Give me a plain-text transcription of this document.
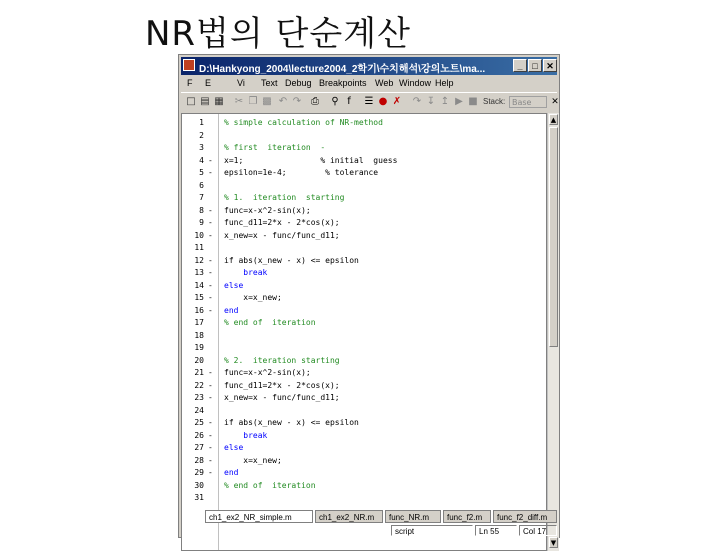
NR법의 단순계산
D:\Hankyong_2004\lecture2004_2학기\수치해석\강의노트\ma...	_	□ ✕
F E	Vi Text Debug Breakpoints Web Window Help
□ ▤ ▦ ✂ ❐ ▩ ↶ ↷ ⎙ ⚲ f	☰ ● ✗ ↷ ↧ ↥ ▶ ■ Stack: Base	✕
1	% simple calculation of NR-method
2
3	% first  iteration  -
4 - x=1;                % initial  guess
5 - epsilon=1e-4;        % tolerance
6
7	% 1.  iteration  starting
8 - func=x-x^2-sin(x);
9 - func_d11=2*x - 2*cos(x);
10 - x_new=x - func/func_d11;
11
12 - if abs(x_new - x) <= epsilon
13 - break
14 - else
15 - x=x_new;
16 - end
17	% end of  iteration
18
19
20	% 2.  iteration starting
21 - func=x-x^2-sin(x);
22 - func_d11=2*x - 2*cos(x);
23 - x_new=x - func/func_d11;
24
25 - if abs(x_new - x) <= epsilon
26 - break
27 - else
28 - x=x_new;
29 - end
30	% end of  iteration
31
▲
▼
ch1_ex2_NR_simple.m	ch1_ex2_NR.m	func_NR.m	func_f2.m	func_f2_diff.m
script	Ln 55	Col 17
